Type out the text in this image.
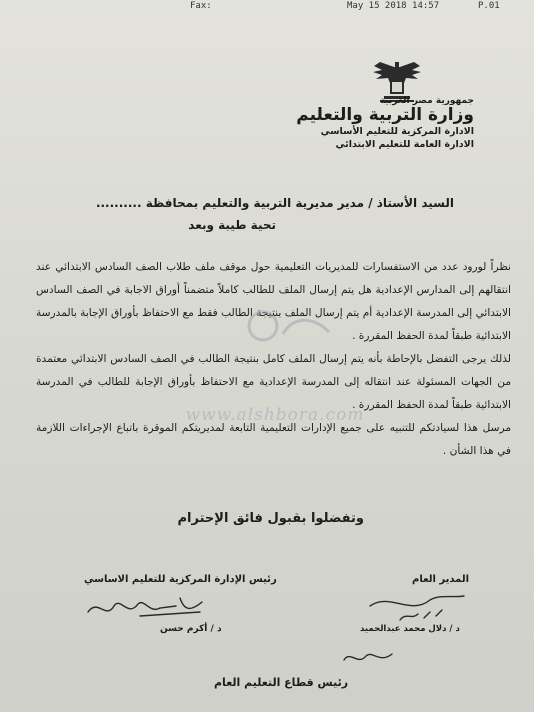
Fax:	May 15 2018 14:57	P.01
جمهورية مصر العربية
وزارة التربية والتعليم
الادارة المركزية للتعليم الأساسي
الادارة العامة للتعليم الابتدائي
السيد الأستاذ / مدير مديرية التربية والتعليم بمحافظة ..........
تحية طيبة وبعد

نظراً لورود عدد من الاستفسارات للمديريات التعليمية حول موقف ملف طلاب الصف السادس الابتدائي عند انتقالهم إلى المدارس الإعدادية هل يتم إرسال الملف للطالب كاملاً متضمناً أوراق الاجابة في الصف السادس الابتدائي إلى المدرسة الإعدادية أم يتم إرسال الملف بنتيجة الطالب فقط مع الاحتفاظ بأوراق الإجابة بالمدرسة الابتدائية طبقاً لمدة الحفظ المقررة .

لذلك يرجى التفضل بالإحاطة بأنه يتم إرسال الملف كامل بنتيجة الطالب في الصف السادس الابتدائي معتمدة من الجهات المسئولة عند انتقاله إلى المدرسة الإعدادية مع الاحتفاظ بأوراق الإجابة للطالب في المدرسة الابتدائية طبقاً لمدة الحفظ المقررة .

مرسل هذا لسيادتكم للتنبيه على جميع الإدارات التعليمية التابعة لمديريتكم الموقرة باتباع الإجراءات اللازمة في هذا الشأن .

www.alshbora.com
وتفضلوا بقبول فائق الإحترام
رئيس الإدارة المركزية للتعليم الاساسي
د / أكرم حسن
المدير العام
د / دلال محمد عبدالحميد
رئيس قطاع التعليم العام
